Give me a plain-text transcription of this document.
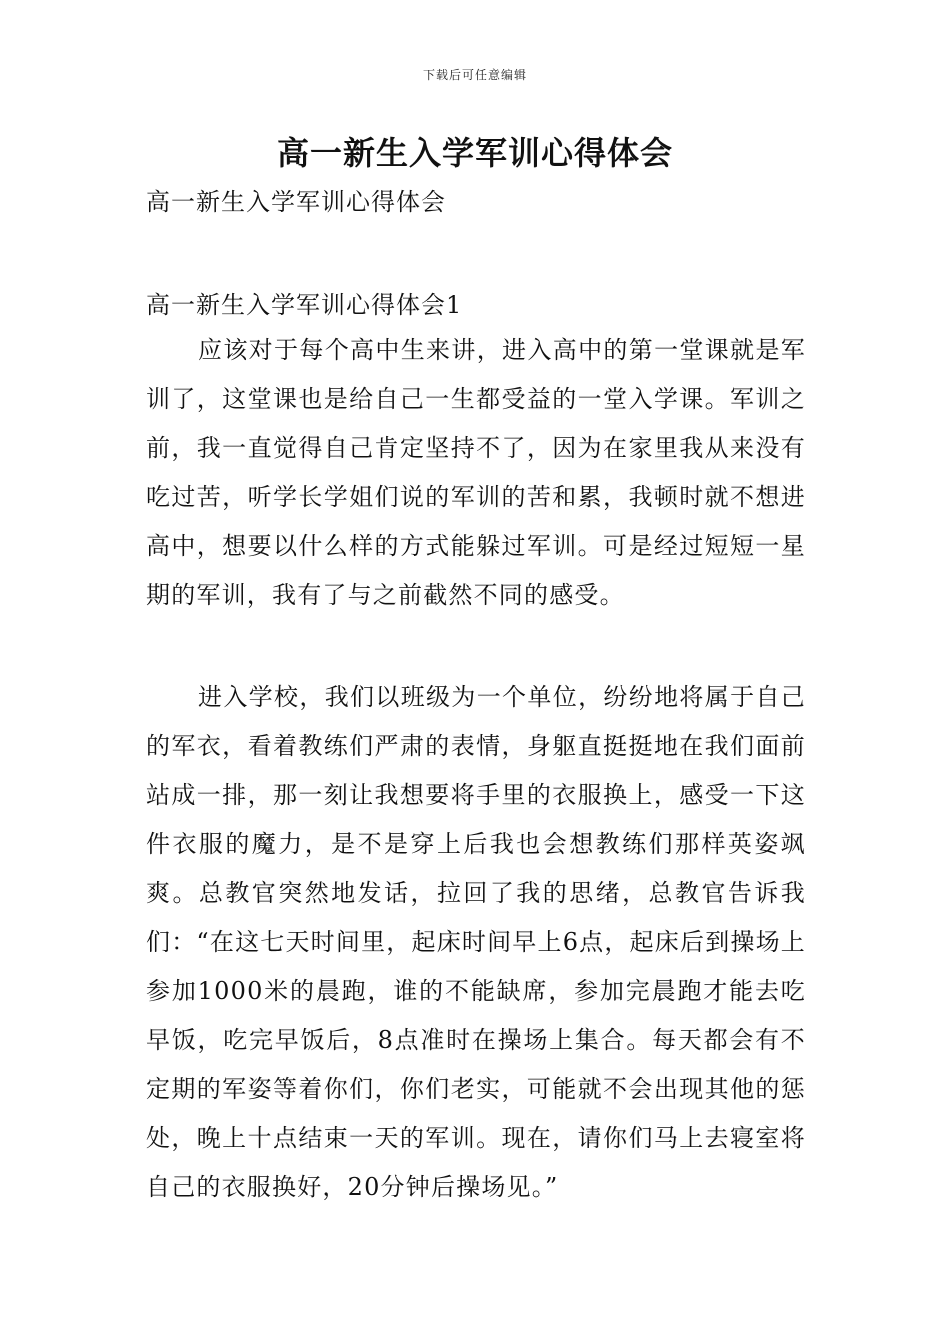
下载后可任意编辑
高一新生入学军训心得体会
高一新生入学军训心得体会
高一新生入学军训心得体会1

应该对于每个高中生来讲，进入高中的第一堂课就是军训了，这堂课也是给自己一生都受益的一堂入学课。军训之前，我一直觉得自己肯定坚持不了，因为在家里我从来没有吃过苦，听学长学姐们说的军训的苦和累，我顿时就不想进高中，想要以什么样的方式能躲过军训。可是经过短短一星期的军训，我有了与之前截然不同的感受。

进入学校，我们以班级为一个单位，纷纷地将属于自己的军衣，看着教练们严肃的表情，身躯直挺挺地在我们面前站成一排，那一刻让我想要将手里的衣服换上，感受一下这件衣服的魔力，是不是穿上后我也会想教练们那样英姿飒爽。总教官突然地发话，拉回了我的思绪，总教官告诉我们：“在这七天时间里，起床时间早上6点，起床后到操场上参加1000米的晨跑，谁的不能缺席，参加完晨跑才能去吃早饭，吃完早饭后，8点准时在操场上集合。每天都会有不定期的军姿等着你们，你们老实，可能就不会出现其他的惩处，晚上十点结束一天的军训。现在，请你们马上去寝室将自己的衣服换好，20分钟后操场见。”
